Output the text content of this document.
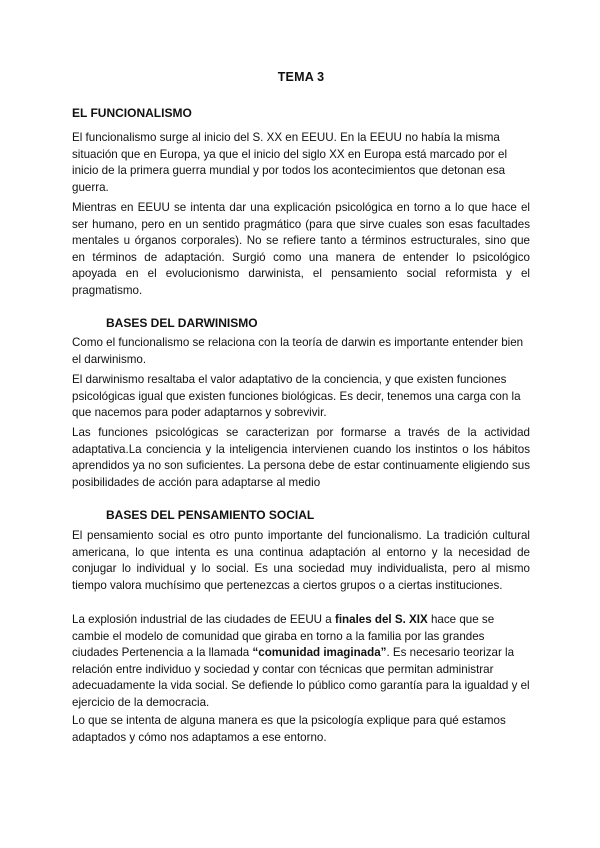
TEMA 3
EL FUNCIONALISMO
El funcionalismo surge al inicio del S. XX en EEUU. En la EEUU no había la misma situación que en Europa, ya que el inicio del siglo XX en Europa está marcado por el inicio de la primera guerra mundial y por todos los acontecimientos que detonan esa guerra.
Mientras en EEUU se intenta dar una explicación psicológica en torno a lo que hace el ser humano, pero en un sentido pragmático (para que sirve cuales son esas facultades mentales u órganos corporales). No se refiere tanto a términos estructurales, sino que en términos de adaptación. Surgió como una manera de entender lo psicológico apoyada en el evolucionismo darwinista, el pensamiento social reformista y el pragmatismo.
BASES DEL DARWINISMO
Como el funcionalismo se relaciona con la teoría de darwin es importante entender bien el darwinismo.
El darwinismo resaltaba el valor adaptativo de la conciencia, y que existen funciones psicológicas igual que existen funciones biológicas. Es decir, tenemos una carga con la que nacemos para poder adaptarnos y sobrevivir.
Las funciones psicológicas se caracterizan por formarse a través de la actividad adaptativa.La conciencia y la inteligencia intervienen cuando los instintos o los hábitos aprendidos ya no son suficientes. La persona debe de estar continuamente eligiendo sus posibilidades de acción para adaptarse al medio
BASES DEL PENSAMIENTO SOCIAL
El pensamiento social es otro punto importante del funcionalismo. La tradición cultural americana, lo que intenta es una continua adaptación al entorno y la necesidad de conjugar lo individual y lo social. Es una sociedad muy individualista, pero al mismo tiempo valora muchísimo que pertenezcas a ciertos grupos o a ciertas instituciones.
La explosión industrial de las ciudades de EEUU a finales del S. XIX hace que se cambie el modelo de comunidad que giraba en torno a la familia por las grandes ciudades Pertenencia a la llamada “comunidad imaginada”. Es necesario teorizar la relación entre individuo y sociedad y contar con técnicas que permitan administrar adecuadamente la vida social. Se defiende lo público como garantía para la igualdad y el ejercicio de la democracia.
Lo que se intenta de alguna manera es que la psicología explique para qué estamos adaptados y cómo nos adaptamos a ese entorno.
